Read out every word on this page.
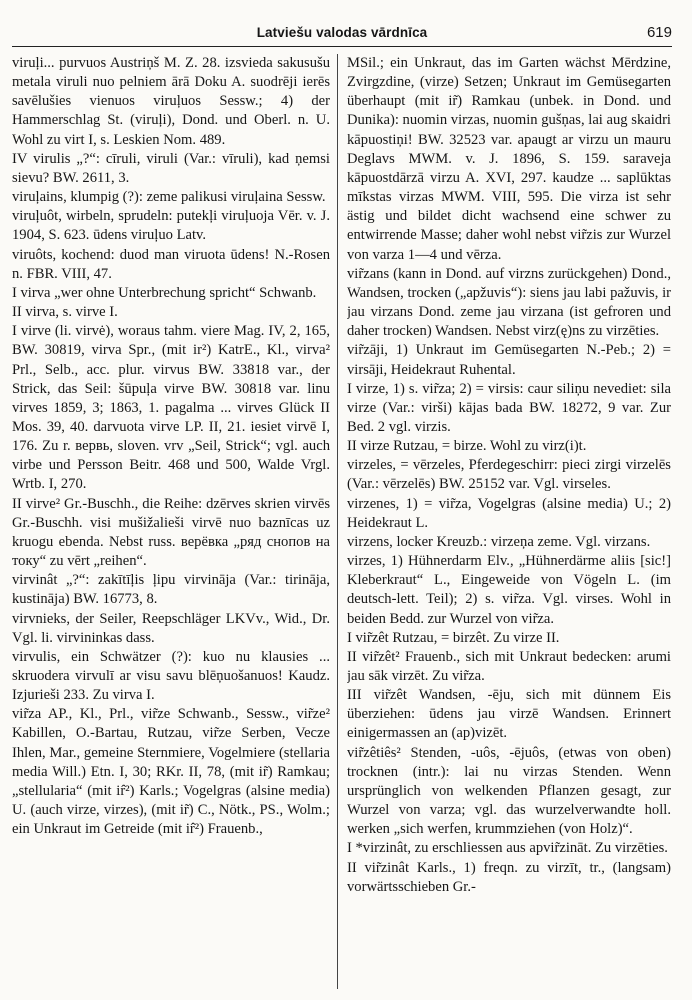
Latviešu valodas vārdnīca	619

viruļi... purvuos Austriņš M. Z. 28. izsvieda sakusušu metala viruli nuo pelniem ārā Doku A. suodrēji ierēs savēlušies vienuos viruļuos Sessw.; 4) der Hammerschlag St. (viruļi), Dond. und Oberl. n. U. Wohl zu virt I, s. Leskien Nom. 489.

IV virulis „?“: cīruli, viruli (Var.: vīruli), kad ņemsi sievu? BW. 2611, 3.

viruļains, klumpig (?): zeme palikusi viruļaina Sessw.

viruļuôt, wirbeln, sprudeln: putekļi viruļuoja Vēr. v. J. 1904, S. 623. ūdens viruļuo Latv.

viruôts, kochend: duod man viruota ūdens! N.-Rosen n. FBR. VIII, 47.

I virva „wer ohne Unterbrechung spricht“ Schwanb.

II virva, s. virve I.

I virve (li. virvė), woraus tahm. viere Mag. IV, 2, 165, BW. 30819, virva Spr., (mit ir²) KatrE., Kl., virva² Prl., Selb., acc. plur. virvus BW. 33818 var., der Strick, das Seil: šūpuļa virve BW. 30818 var. linu virves 1859, 3; 1863, 1. pagalma ... virves Glück II Mos. 39, 40. darvuota virve LP. II, 21. iesiet virvē I, 176. Zu r. вервь, sloven. vrv „Seil, Strick“; vgl. auch virbe und Persson Beitr. 468 und 500, Walde Vrgl. Wrtb. I, 270.

II virve² Gr.-Buschh., die Reihe: dzērves skrien virvēs Gr.-Buschh. visi mušižalieši virvē nuo baznīcas uz kruogu ebenda. Nebst russ. верёвка „ряд снопов на току“ zu vērt „reihen“.

virvinât „?“: zakītīļis ļipu virvināja (Var.: tirināja, kustināja) BW. 16773, 8.

virvnieks, der Seiler, Reepschläger LKVv., Wid., Dr. Vgl. li. virvininkas dass.

virvulis, ein Schwätzer (?): kuo nu klausies ... skruodera virvulī ar visu savu blēņuošanuos! Kaudz. Izjurieši 233. Zu virva I.

vir̃za AP., Kl., Prl., vir̃ze Schwanb., Sessw., vir̃ze² Kabillen, O.-Bartau, Rutzau, vir̃ze Serben, Vecze Ihlen, Mar., gemeine Sternmiere, Vogelmiere (stellaria media Will.) Etn. I, 30; RKr. II, 78, (mit ir̃) Ramkau; „stellularia“ (mit ir̂²) Karls.; Vogelgras (alsine media) U. (auch virze, virzes), (mit ir̃) C., Nötk., PS., Wolm.; ein Unkraut im Getreide (mit ir̂²) Frauenb.,

MSil.; ein Unkraut, das im Garten wächst Mērdzine, Zvirgzdine, (virze) Setzen; Unkraut im Gemüsegarten überhaupt (mit ir̃) Ramkau (unbek. in Dond. und Dunika): nuomin virzas, nuomin gušņas, lai aug skaidri kāpuostiņi! BW. 32523 var. apaugt ar virzu un mauru Deglavs MWM. v. J. 1896, S. 159. saraveja kāpuostdārzā virzu A. XVI, 297. kaudze ... saplūktas mīkstas virzas MWM. VIII, 595. Die virza ist sehr ästig und bildet dicht wachsend eine schwer zu entwirrende Masse; daher wohl nebst vir̃zis zur Wurzel von varza 1—4 und vērza.

vir̃zans (kann in Dond. auf virzns zurückgehen) Dond., Wandsen, trocken („apžuvis“): siens jau labi pažuvis, ir jau virzans Dond. zeme jau virzana (ist gefroren und daher trocken) Wandsen. Nebst virz(ę)ns zu virzēties.

vir̃zāji, 1) Unkraut im Gemüsegarten N.-Peb.; 2) = virsāji, Heidekraut Ruhental.

I virze, 1) s. vir̃za; 2) = virsis: caur siliņu nevediet: sila virze (Var.: virši) kājas bada BW. 18272, 9 var. Zur Bed. 2 vgl. virzis.

II virze Rutzau, = birze. Wohl zu virz(i)t.

virzeles, = vērzeles, Pferdegeschirr: pieci zirgi virzelēs (Var.: vērzelēs) BW. 25152 var. Vgl. virseles.

virzenes, 1) = vir̃za, Vogelgras (alsine media) U.; 2) Heidekraut L.

virzens, locker Kreuzb.: virzeņa zeme. Vgl. virzans.

virzes, 1) Hühnerdarm Elv., „Hühnerdärme aliis [sic!] Kleberkraut“ L., Eingeweide von Vögeln L. (im deutsch-lett. Teil); 2) s. vir̃za. Vgl. virses. Wohl in beiden Bedd. zur Wurzel von vir̃za.

I vir̃zêt Rutzau, = birzêt. Zu virze II.

II vir̃zêt² Frauenb., sich mit Unkraut bedecken: arumi jau sāk virzēt. Zu vir̃za.

III vir̃zêt Wandsen, -ēju, sich mit dünnem Eis überziehen: ūdens jau virzē Wandsen. Erinnert einigermassen an (ap)vizēt.

vir̃zêtiês² Stenden, -uôs, -ējuôs, (etwas von oben) trocknen (intr.): lai nu virzas Stenden. Wenn ursprünglich von welkenden Pflanzen gesagt, zur Wurzel von varza; vgl. das wurzelverwandte holl. werken „sich werfen, krummziehen (von Holz)“.

I *virzinât, zu erschliessen aus apvir̃zināt. Zu virzēties.

II vir̃zinât Karls., 1) freqn. zu virzīt, tr., (langsam) vorwärtsschieben Gr.-
